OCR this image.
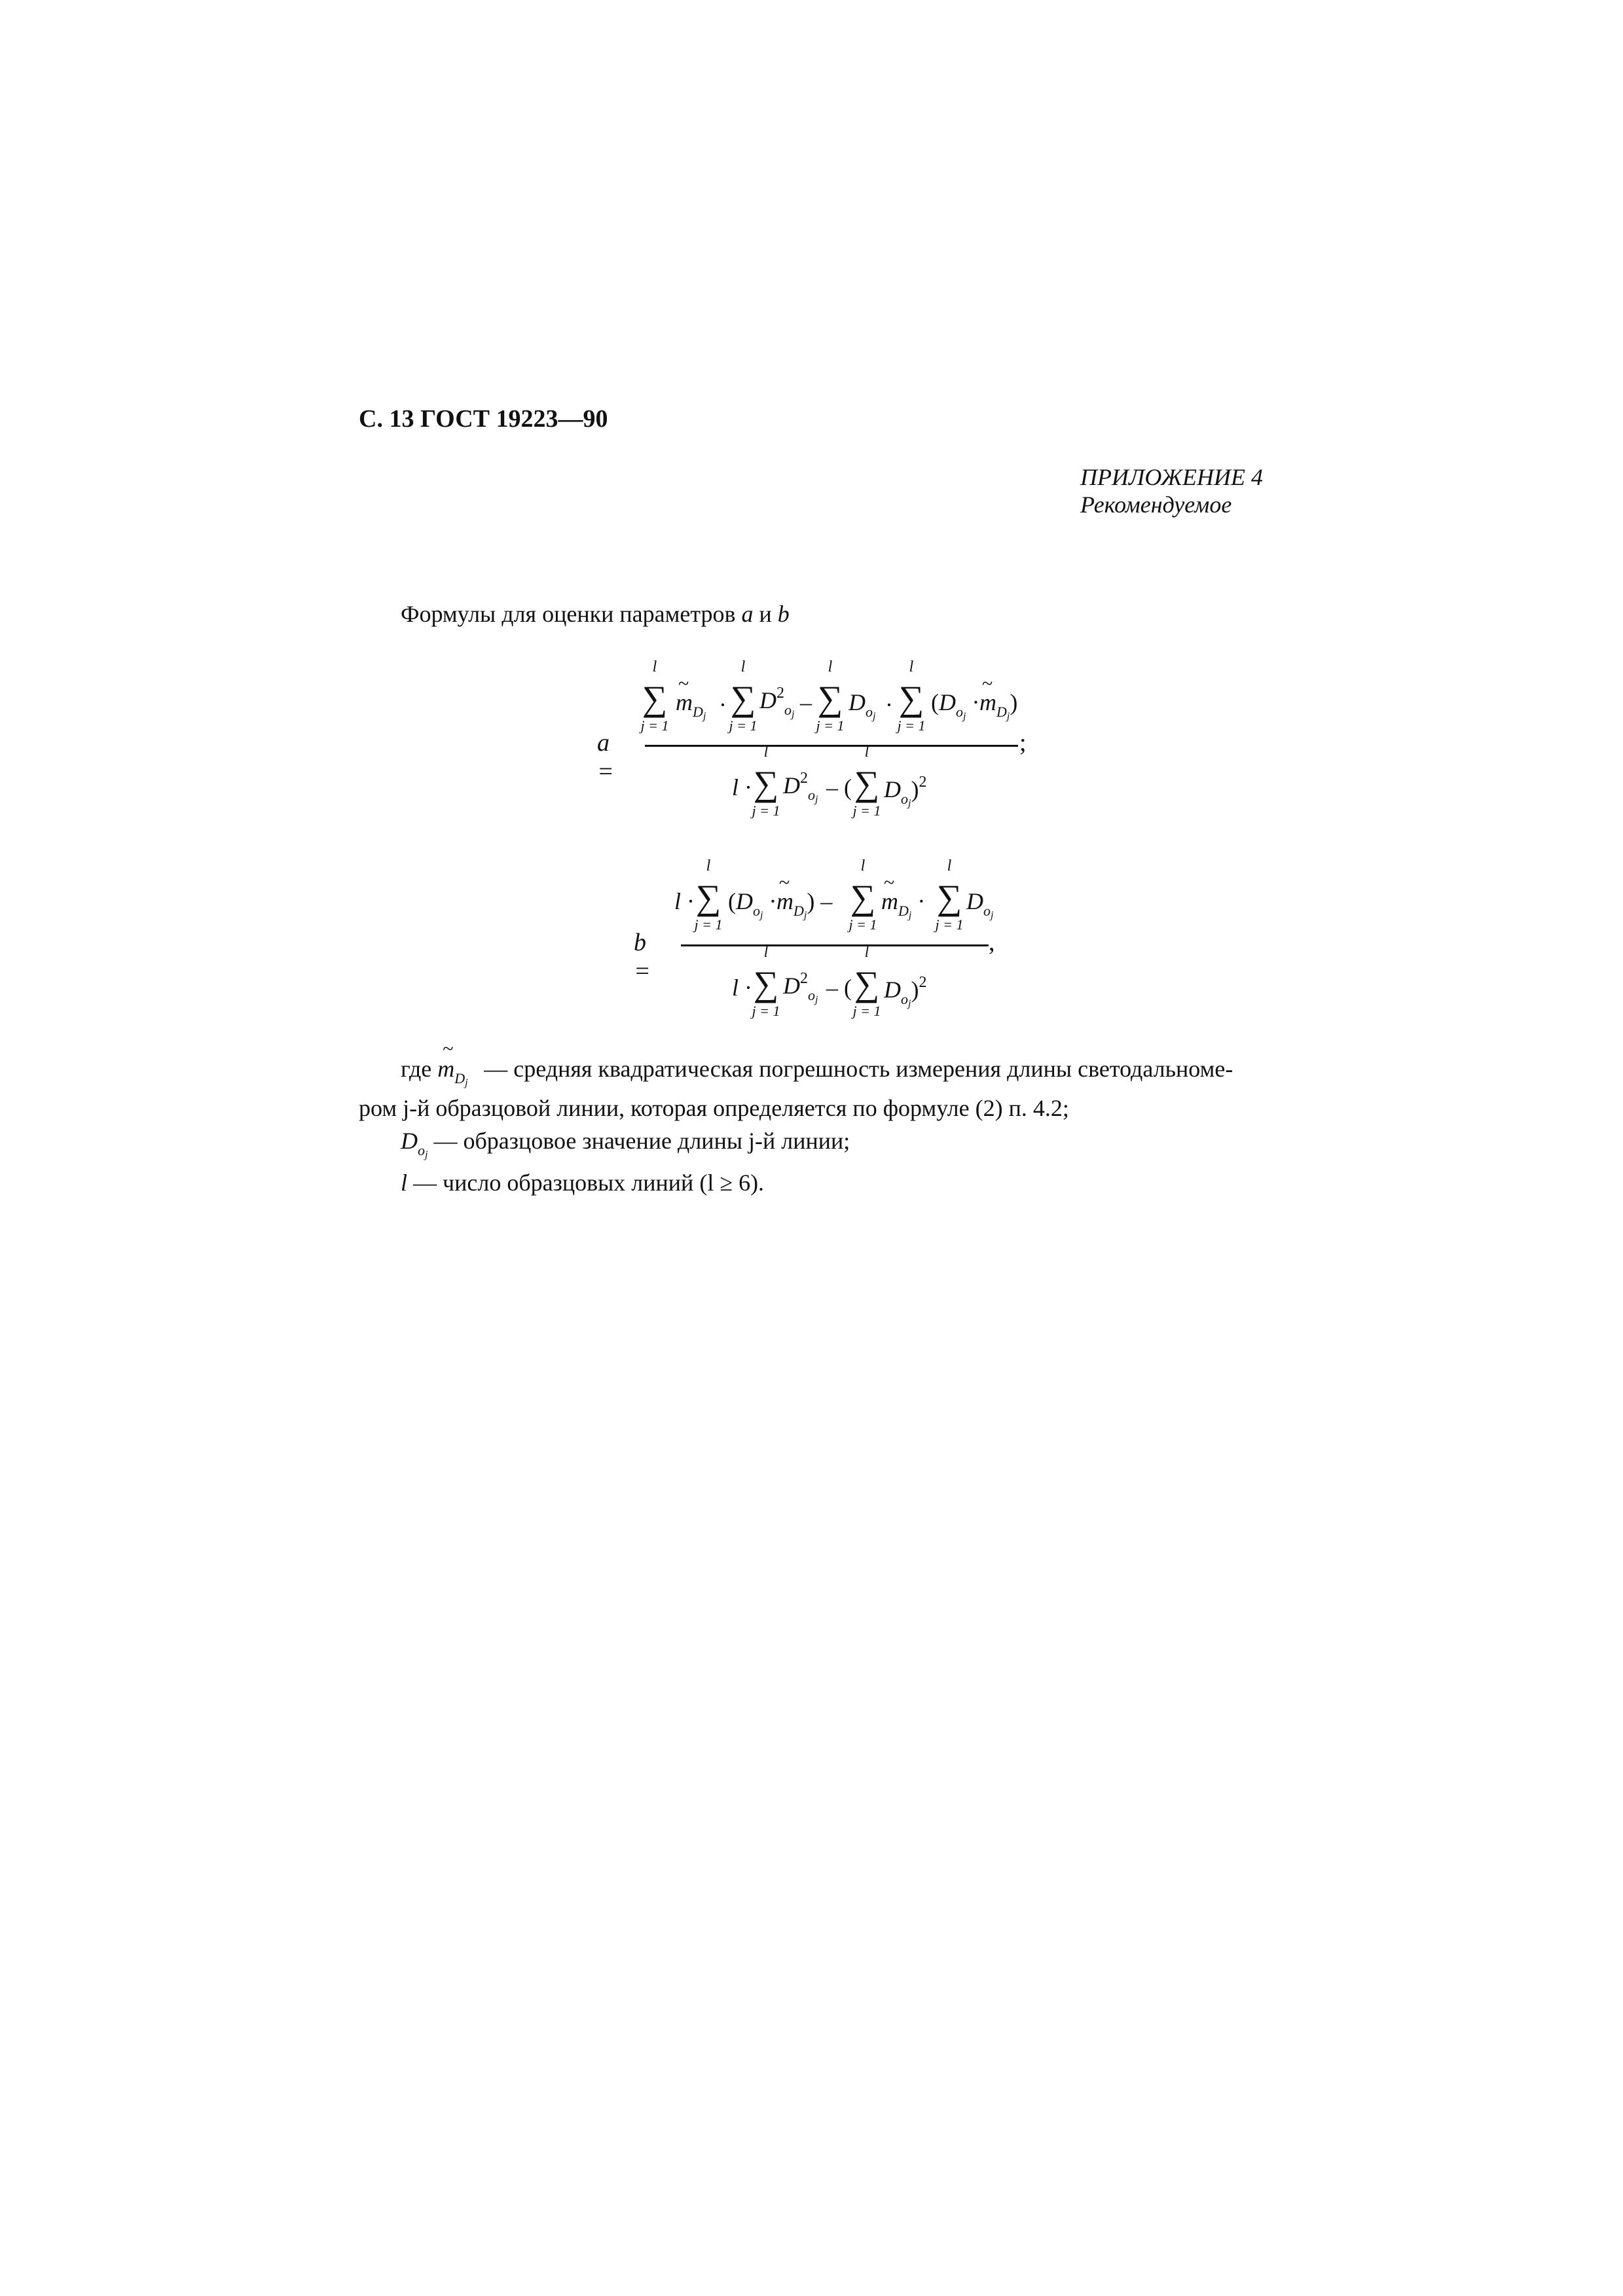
С. 13 ГОСТ 19223—90
ПРИЛОЖЕНИЕ 4
Рекомендуемое
Формулы для оценки параметров a и b
a =
;
l
∑
j = 1
~
$m_{Dj}$ ·
l
∑
j = 1
$D^2_{oj}$ –
l
∑
j = 1
$D_{oj}$ ·
l
∑
j = 1
($D_{oj}$ ·
~
$m_{Dj}$)
l ·
l
∑
j = 1
$D^2_{oj}$ – (
l
∑
j = 1
$D_{oj})^2$
b =
,
l ·
l
∑
j = 1
($D_{oj}$ ·
~
$m_{Dj}$) –
l
∑
j = 1
~
$m_{Dj}$ ·
l
∑
j = 1
$D_{oj}$
l ·
l
∑
j = 1
$D^2_{oj}$ – (
l
∑
j = 1
$D_{oj})^2$
где
~
$m_{Dj}$ — средняя квадратическая погрешность измерения длины светодальноме-
ром j-й образцовой линии, которая определяется по формуле (2) п. 4.2;
$D_{oj}$ — образцовое значение длины j-й линии;
l — число образцовых линий (l ≥ 6).
